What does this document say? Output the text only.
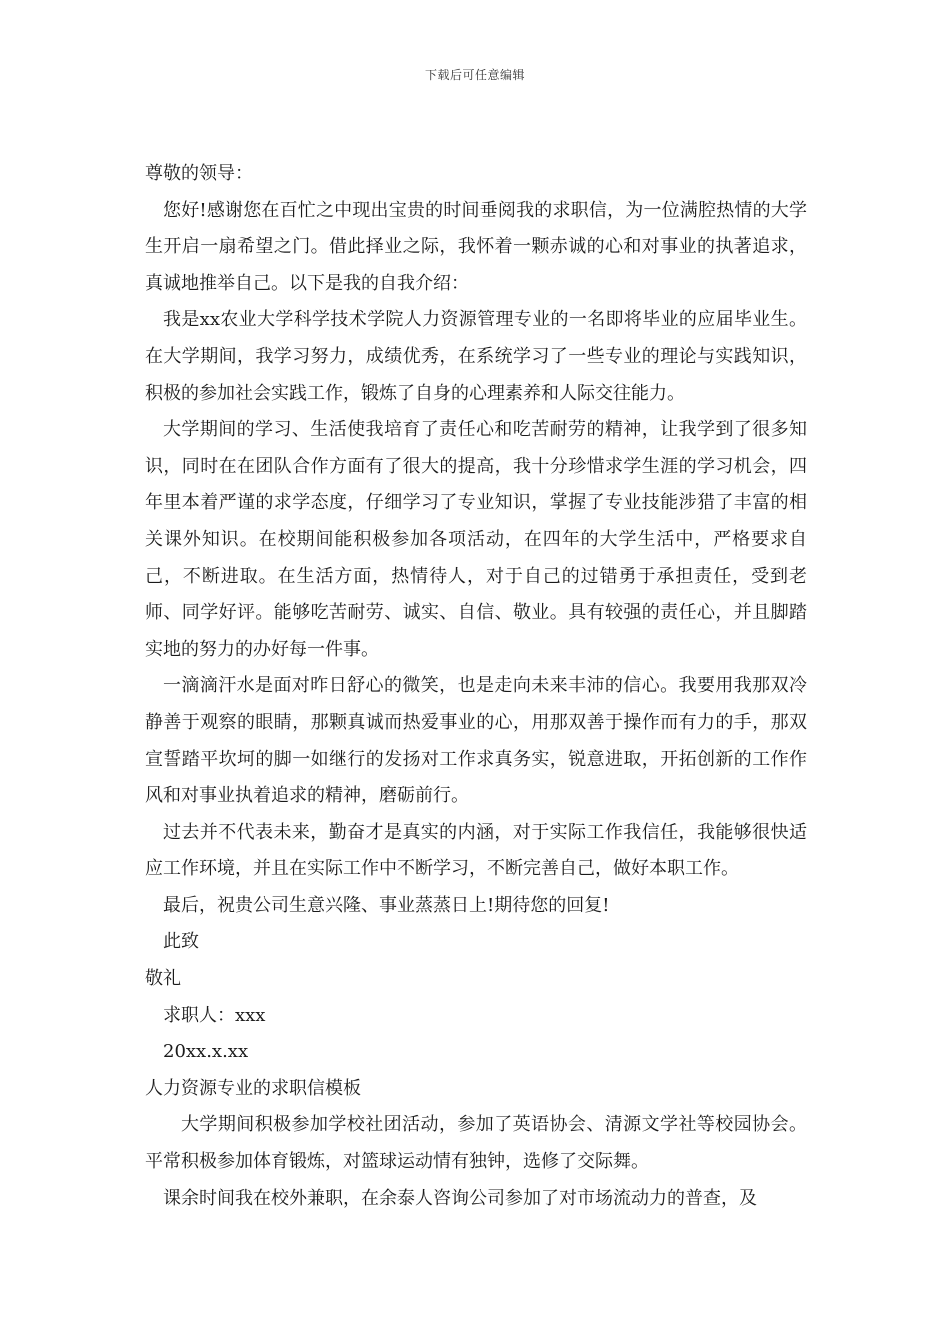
下载后可任意编辑

尊敬的领导：

您好!感谢您在百忙之中现出宝贵的时间垂阅我的求职信，为一位满腔热情的大学生开启一扇希望之门。借此择业之际，我怀着一颗赤诚的心和对事业的执著追求，真诚地推举自己。以下是我的自我介绍：

我是xx农业大学科学技术学院人力资源管理专业的一名即将毕业的应届毕业生。在大学期间，我学习努力，成绩优秀，在系统学习了一些专业的理论与实践知识，积极的参加社会实践工作，锻炼了自身的心理素养和人际交往能力。

大学期间的学习、生活使我培育了责任心和吃苦耐劳的精神，让我学到了很多知识，同时在在团队合作方面有了很大的提高，我十分珍惜求学生涯的学习机会，四年里本着严谨的求学态度，仔细学习了专业知识，掌握了专业技能涉猎了丰富的相关课外知识。在校期间能积极参加各项活动，在四年的大学生活中，严格要求自己，不断进取。在生活方面，热情待人，对于自己的过错勇于承担责任，受到老师、同学好评。能够吃苦耐劳、诚实、自信、敬业。具有较强的责任心，并且脚踏实地的努力的办好每一件事。

一滴滴汗水是面对昨日舒心的微笑，也是走向未来丰沛的信心。我要用我那双冷静善于观察的眼睛，那颗真诚而热爱事业的心，用那双善于操作而有力的手，那双宣誓踏平坎坷的脚一如继行的发扬对工作求真务实，锐意进取，开拓创新的工作作风和对事业执着追求的精神，磨砺前行。

过去并不代表未来，勤奋才是真实的内涵，对于实际工作我信任，我能够很快适应工作环境，并且在实际工作中不断学习，不断完善自己，做好本职工作。

最后，祝贵公司生意兴隆、事业蒸蒸日上!期待您的回复!

此致

敬礼

求职人：xxx

20xx.x.xx

人力资源专业的求职信模板

大学期间积极参加学校社团活动，参加了英语协会、清源文学社等校园协会。平常积极参加体育锻炼，对篮球运动情有独钟，选修了交际舞。

课余时间我在校外兼职，在余泰人咨询公司参加了对市场流动力的普查，及
